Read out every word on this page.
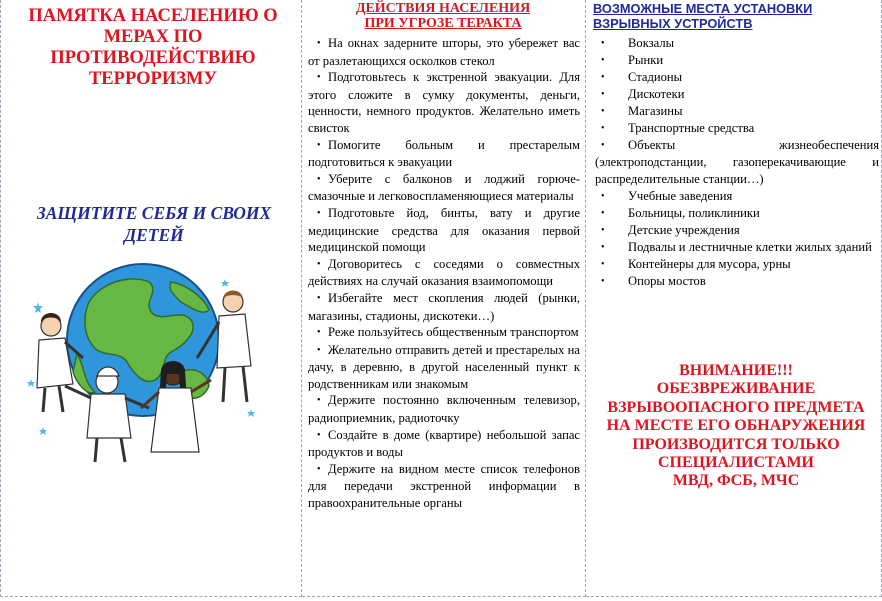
ПАМЯТКА НАСЕЛЕНИЮ О
МЕРАХ ПО
ПРОТИВОДЕЙСТВИЮ
ТЕРРОРИЗМУ
ЗАЩИТИТЕ СЕБЯ И СВОИХ
ДЕТЕЙ
ДЕЙСТВИЯ НАСЕЛЕНИЯ
ПРИ УГРОЗЕ ТЕРАКТА
• На окнах задерните шторы, это убережет вас от разлетающихся осколков стекол
• Подготовьтесь к экстренной эвакуации. Для этого сложите в сумку документы, деньги, ценности, немного продуктов. Желательно иметь свисток
• Помогите больным и престарелым подготовиться к эвакуации
• Уберите с балконов и лоджий горюче-смазочные и легковоспламеняющиеся материалы
• Подготовьте йод, бинты, вату и другие медицинские средства для оказания первой медицинской помощи
• Договоритесь с соседями о совместных действиях на случай оказания взаимопомощи
• Избегайте мест скопления людей (рынки, магазины, стадионы, дискотеки…)
• Реже пользуйтесь общественным транспортом
• Желательно отправить детей и престарелых на дачу, в деревню, в другой населенный пункт к родственникам или знакомым
• Держите постоянно включенным телевизор, радиоприемник, радиоточку
• Создайте в доме (квартире) небольшой запас продуктов и воды
• Держите на видном месте список телефонов для передачи экстренной информации в правоохранительные органы
ВОЗМОЖНЫЕ МЕСТА УСТАНОВКИ
ВЗРЫВНЫХ УСТРОЙСТВ
• Вокзалы
• Рынки
• Стадионы
• Дискотеки
• Магазины
• Транспортные средства
• Объекты жизнеобеспечения (электроподстанции, газоперекачивающие и распределительные станции…)
• Учебные заведения
• Больницы, поликлиники
• Детские учреждения
• Подвалы и лестничные клетки жилых зданий
• Контейнеры для мусора, урны
• Опоры мостов
ВНИМАНИЕ!!!
ОБЕЗВРЕЖИВАНИЕ
ВЗРЫВООПАСНОГО ПРЕДМЕТА
НА МЕСТЕ ЕГО ОБНАРУЖЕНИЯ
ПРОИЗВОДИТСЯ ТОЛЬКО
СПЕЦИАЛИСТАМИ
МВД, ФСБ, МЧС
